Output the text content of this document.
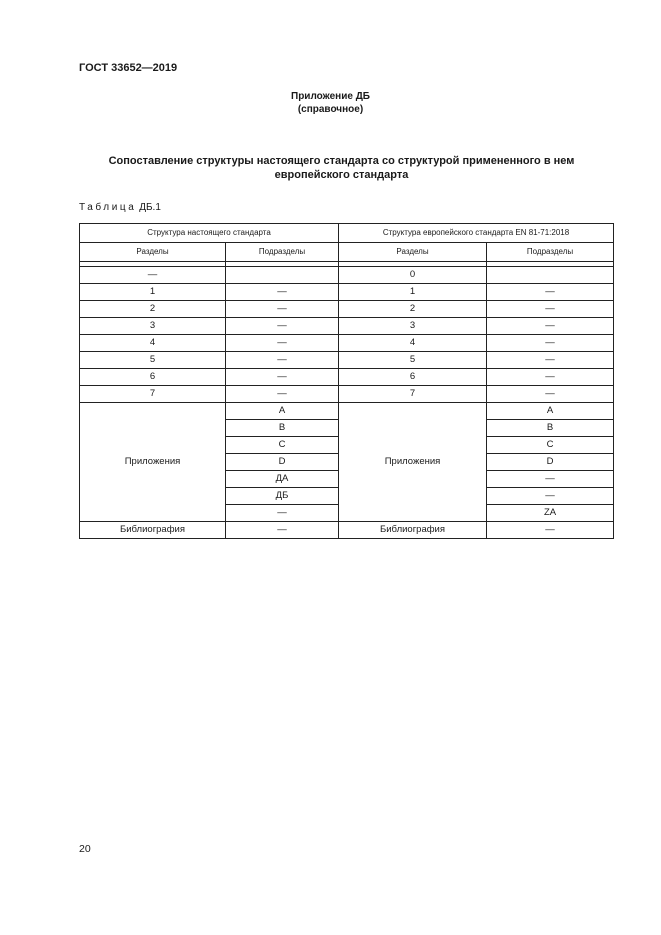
ГОСТ 33652—2019
Приложение ДБ
(справочное)
Сопоставление структуры настоящего стандарта со структурой примененного в нем
европейского стандарта
Таблица ДБ.1
Структура настоящего стандарта		Структура европейского стандарта EN 81-71:2018	
Разделы	Подразделы	Разделы	Подразделы

—		0	
1	—	1	—
2	—	2	—
3	—	3	—
4	—	4	—
5	—	5	—
6	—	6	—
7	—	7	—
Приложения	A	Приложения	A
	B		B
	C		C
	D		D
	ДА		—
	ДБ		—
	—		ZA
Библиография	—	Библиография	—
20
